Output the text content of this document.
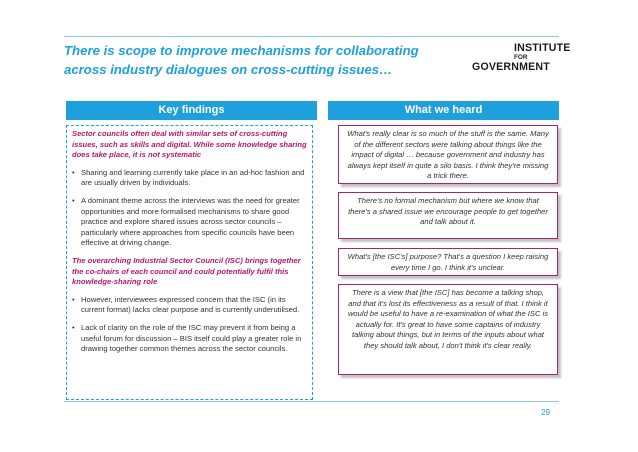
There is scope to improve mechanisms for collaborating
across industry dialogues on cross-cutting issues…
INSTITUTE
FOR
GOVERNMENT
Key findings	What we heard

Sector councils often deal with similar sets of cross-cutting issues, such as skills and digital. While some knowledge sharing does take place, it is not systematic

• Sharing and learning currently take place in an ad-hoc fashion and are usually driven by individuals.
• A dominant theme across the interviews was the need for greater opportunities and more formalised mechanisms to share good practice and explore shared issues across sector councils – particularly where approaches from specific councils have been effective at driving change.

The overarching Industrial Sector Council (ISC) brings together the co-chairs of each council and could potentially fulfil this knowledge-sharing role

• However, interviewees expressed concern that the ISC (in its current format) lacks clear purpose and is currently underutilised.
• Lack of clarity on the role of the ISC may prevent it from being a useful forum for discussion – BIS itself could play a greater role in drawing together common themes across the sector councils.
What's really clear is so much of the stuff is the same. Many of the different sectors were talking about things like the impact of digital … because government and industry has always kept itself in quite a silo basis. I think they're missing a trick there.
There's no formal mechanism but where we know that there's a shared issue we encourage people to get together and talk about it.
What's [the ISC's] purpose? That's a question I keep raising every time I go. I think it's unclear.
There is a view that [the ISC] has become a talking shop, and that it's lost its effectiveness as a result of that. I think it would be useful to have a re-examination of what the ISC is actually for. It's great to have some captains of industry talking about things, but in terms of the inputs about what they should talk about, I don't think it's clear really.
29
